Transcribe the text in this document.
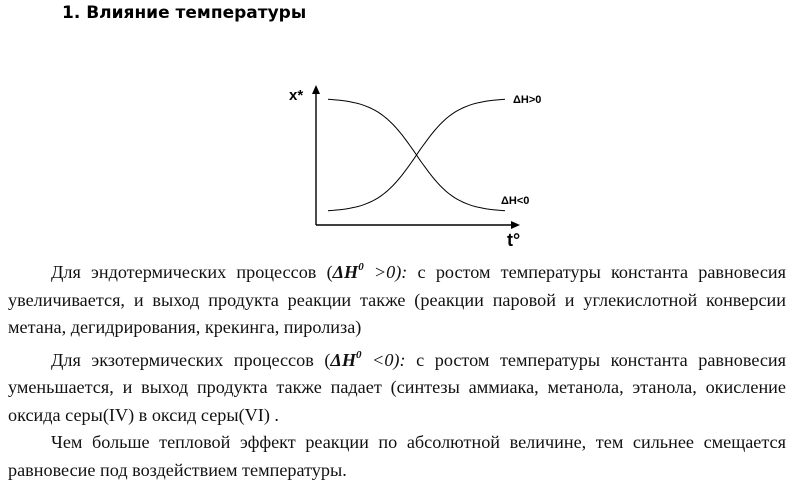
1. Влияние температуры
x*
t°
ΔH>0
ΔH<0

Для эндотермических процессов $(\Delta H^0 >0)$: с ростом температуры константа равновесия увеличивается, и выход продукта реакции также (реакции паровой и углекислотной конверсии метана, дегидрирования, крекинга, пиролиза)

Для экзотермических процессов $(\Delta H^0 <0)$: с ростом температуры константа равновесия уменьшается, и выход продукта также падает (синтезы аммиака, метанола, этанола, окисление оксида серы(IV) в оксид серы(VI) .

Чем больше тепловой эффект реакции по абсолютной величине, тем сильнее смещается равновесие под воздействием температуры.
